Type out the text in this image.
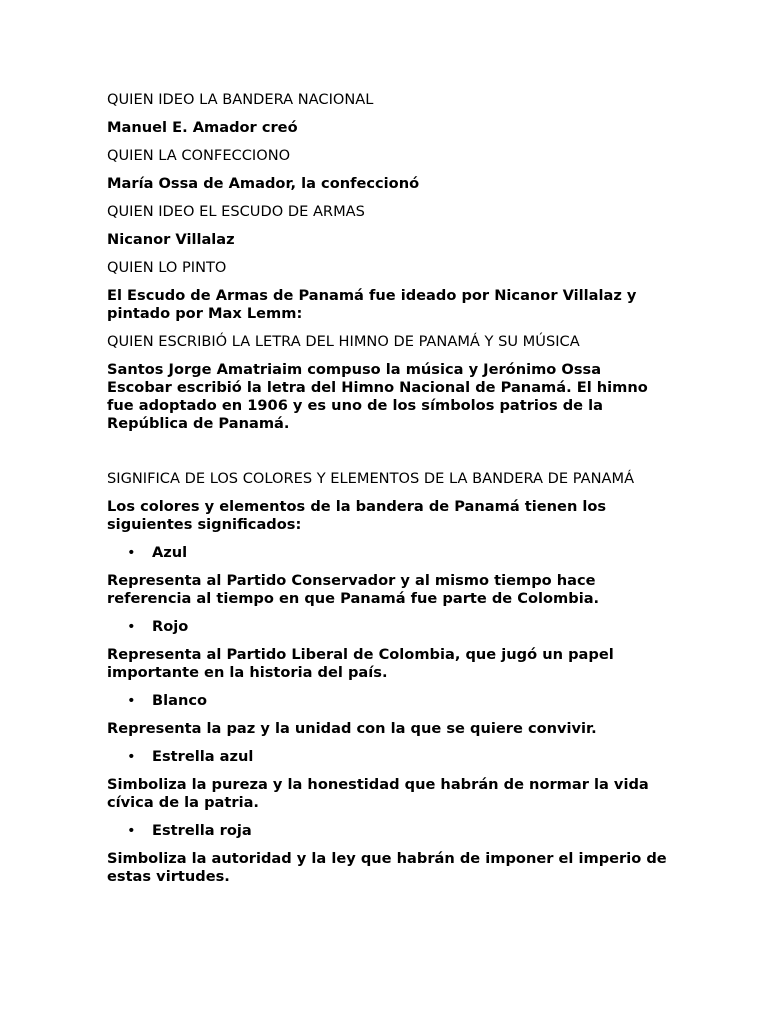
QUIEN IDEO LA BANDERA NACIONAL

Manuel E. Amador creó

QUIEN LA CONFECCIONO

María Ossa de Amador, la confeccionó

QUIEN IDEO EL ESCUDO DE ARMAS

Nicanor Villalaz

QUIEN LO PINTO

El Escudo de Armas de Panamá fue ideado por Nicanor Villalaz y pintado por Max Lemm:

QUIEN ESCRIBIÓ LA LETRA DEL HIMNO DE PANAMÁ Y SU MÚSICA

Santos Jorge Amatriaim compuso la música y Jerónimo Ossa Escobar escribió la letra del Himno Nacional de Panamá. El himno fue adoptado en 1906 y es uno de los símbolos patrios de la República de Panamá.

SIGNIFICA DE LOS COLORES Y ELEMENTOS DE LA BANDERA DE PANAMÁ

Los colores y elementos de la bandera de Panamá tienen los siguientes significados:

• Azul

Representa al Partido Conservador y al mismo tiempo hace referencia al tiempo en que Panamá fue parte de Colombia.

• Rojo

Representa al Partido Liberal de Colombia, que jugó un papel importante en la historia del país.

• Blanco

Representa la paz y la unidad con la que se quiere convivir.

• Estrella azul

Simboliza la pureza y la honestidad que habrán de normar la vida cívica de la patria.

• Estrella roja

Simboliza la autoridad y la ley que habrán de imponer el imperio de estas virtudes.
